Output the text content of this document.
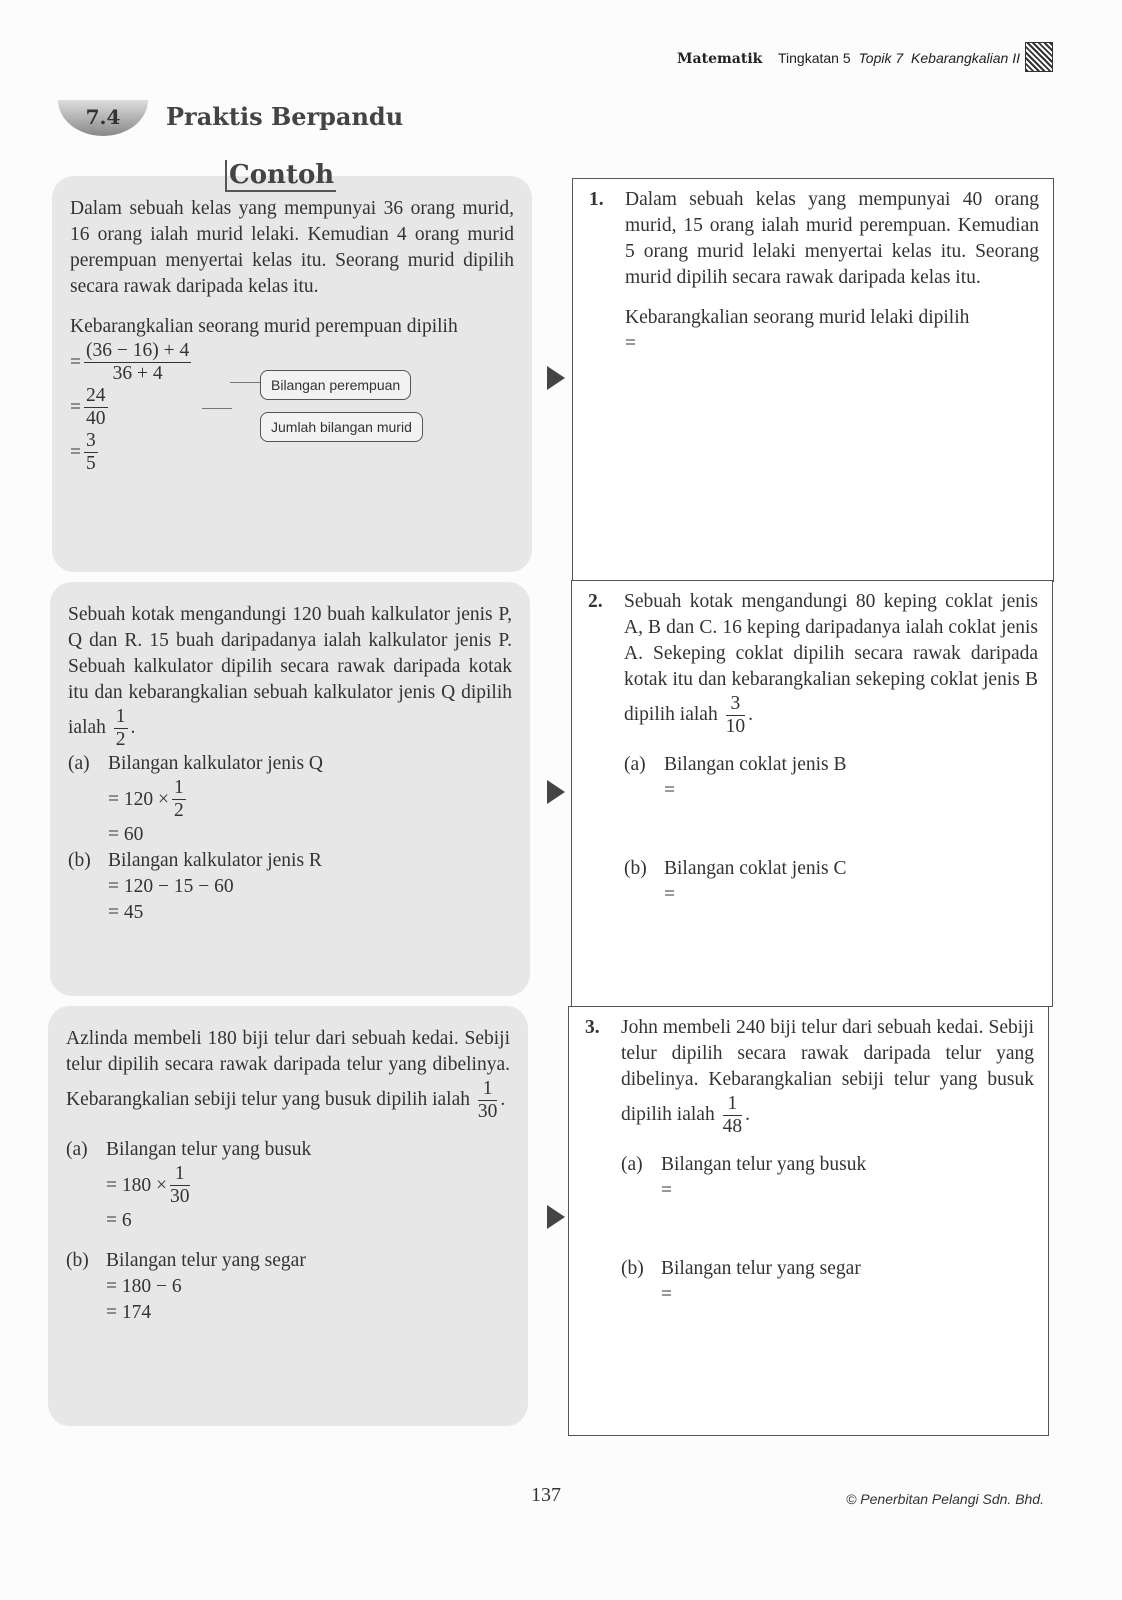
Matematik Tingkatan 5 Topik 7 Kebarangkalian II
7.4	Praktis Berpandu
Contoh

Dalam sebuah kelas yang mempunyai 36 orang murid, 16 orang ialah murid lelaki. Kemudian 4 orang murid perempuan menyertai kelas itu. Seorang murid dipilih secara rawak daripada kelas itu.

Kebarangkalian seorang murid perempuan dipilih

= $\frac{(36 - 16) + 4}{36 + 4}$
= $\frac{24}{40}$
= $\frac{3}{5}$
Bilangan perempuan
Jumlah bilangan murid

Sebuah kotak mengandungi 120 buah kalkulator jenis P, Q dan R. 15 buah daripadanya ialah kalkulator jenis P. Sebuah kalkulator dipilih secara rawak daripada kotak itu dan kebarangkalian sebuah kalkulator jenis Q dipilih ialah $\frac{1}{2}$ .

(a) Bilangan kalkulator jenis Q
= $120 \times \frac{1}{2}$
= 60
(b) Bilangan kalkulator jenis R
= 120 − 15 − 60
= 45

Azlinda membeli 180 biji telur dari sebuah kedai. Sebiji telur dipilih secara rawak daripada telur yang dibelinya. Kebarangkalian sebiji telur yang busuk dipilih ialah $\frac{1}{30}$ .

(a) Bilangan telur yang busuk
= $180 \times \frac{1}{30}$
= 6
(b) Bilangan telur yang segar
= 180 − 6
= 174
1.	Dalam sebuah kelas yang mempunyai 40 orang murid, 15 orang ialah murid perempuan. Kemudian 5 orang murid lelaki menyertai kelas itu. Seorang murid dipilih secara rawak daripada kelas itu.

Kebarangkalian seorang murid lelaki dipilih

=
2.	Sebuah kotak mengandungi 80 keping coklat jenis A, B dan C. 16 keping daripadanya ialah coklat jenis A. Sekeping coklat dipilih secara rawak daripada kotak itu dan kebarangkalian sekeping coklat jenis B dipilih ialah $\frac{3}{10}$ .

(a) Bilangan coklat jenis B
=
(b) Bilangan coklat jenis C
=
3.	John membeli 240 biji telur dari sebuah kedai. Sebiji telur dipilih secara rawak daripada telur yang dibelinya. Kebarangkalian sebiji telur yang busuk dipilih ialah $\frac{1}{48}$ .

(a) Bilangan telur yang busuk
=
(b) Bilangan telur yang segar
=
137	© Penerbitan Pelangi Sdn. Bhd.
